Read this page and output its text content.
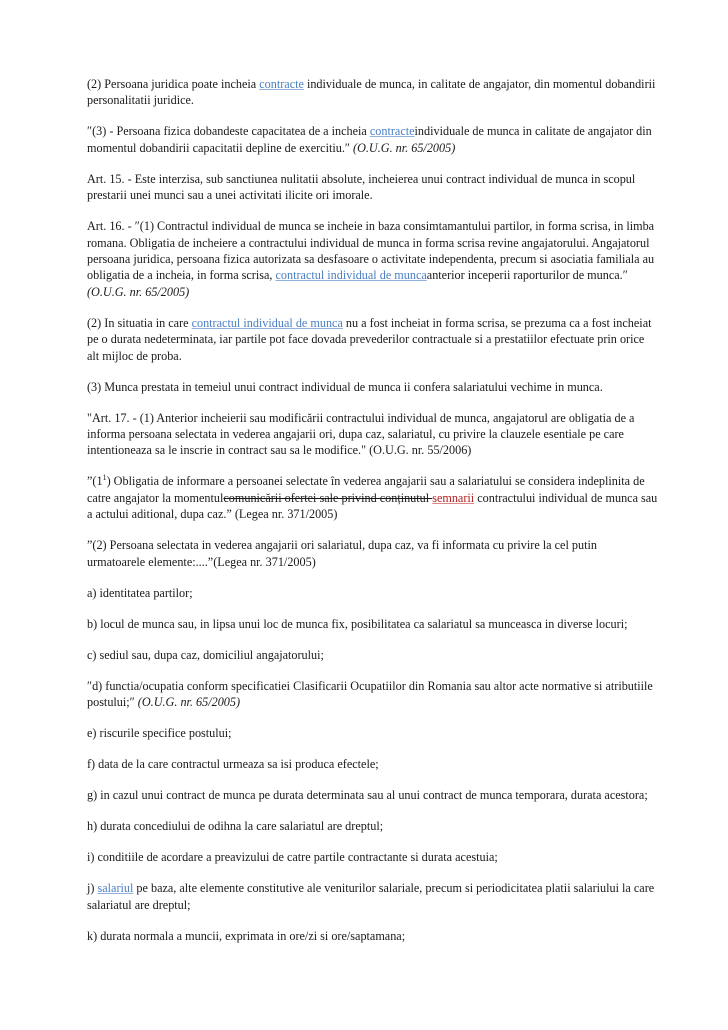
(2) Persoana juridica poate incheia contracte individuale de munca, in calitate de angajator, din momentul dobandirii personalitatii juridice.

″(3) - Persoana fizica dobandeste capacitatea de a incheia contracteindividuale de munca in calitate de angajator din momentul dobandirii capacitatii depline de exercitiu.″ (O.U.G. nr. 65/2005)

Art. 15. - Este interzisa, sub sanctiunea nulitatii absolute, incheierea unui contract individual de munca in scopul prestarii unei munci sau a unei activitati ilicite ori imorale.

Art. 16. - ″(1) Contractul individual de munca se incheie in baza consimtamantului partilor, in forma scrisa, in limba romana. Obligatia de incheiere a contractului individual de munca in forma scrisa revine angajatorului. Angajatorul persoana juridica, persoana fizica autorizata sa desfasoare o activitate independenta, precum si asociatia familiala au obligatia de a incheia, in forma scrisa, contractul individual de muncaanterior inceperii raporturilor de munca.″ (O.U.G. nr. 65/2005)

(2) In situatia in care contractul individual de munca nu a fost incheiat in forma scrisa, se prezuma ca a fost incheiat pe o durata nedeterminata, iar partile pot face dovada prevederilor contractuale si a prestatiilor efectuate prin orice alt mijloc de proba.

(3) Munca prestata in temeiul unui contract individual de munca ii confera salariatului vechime in munca.

"Art. 17. - (1) Anterior incheierii sau modificării contractului individual de munca, angajatorul are obligatia de a informa persoana selectata in vederea angajarii ori, dupa caz, salariatul, cu privire la clauzele esentiale pe care intentioneaza sa le inscrie in contract sau sa le modifice." (O.U.G. nr. 55/2006)

$”(1^1)$ Obligatia de informare a persoanei selectate în vederea angajarii sau a salariatului se considera indeplinita de catre angajator la momentulcomunicării ofertei sale privind conținutul semnarii contractului individual de munca sau a actului aditional, dupa caz.” (Legea nr. 371/2005)

”(2) Persoana selectata in vederea angajarii ori salariatul, dupa caz, va fi informata cu privire la cel putin urmatoarele elemente:....”(Legea nr. 371/2005)

a) identitatea partilor;

b) locul de munca sau, in lipsa unui loc de munca fix, posibilitatea ca salariatul sa munceasca in diverse locuri;

c) sediul sau, dupa caz, domiciliul angajatorului;

″d) functia/ocupatia conform specificatiei Clasificarii Ocupatiilor din Romania sau altor acte normative si atributiile postului;″ (O.U.G. nr. 65/2005)

e) riscurile specifice postului;

f) data de la care contractul urmeaza sa isi produca efectele;

g) in cazul unui contract de munca pe durata determinata sau al unui contract de munca temporara, durata acestora;

h) durata concediului de odihna la care salariatul are dreptul;

i) conditiile de acordare a preavizului de catre partile contractante si durata acestuia;

j) salariul pe baza, alte elemente constitutive ale veniturilor salariale, precum si periodicitatea platii salariului la care salariatul are dreptul;

k) durata normala a muncii, exprimata in ore/zi si ore/saptamana;
